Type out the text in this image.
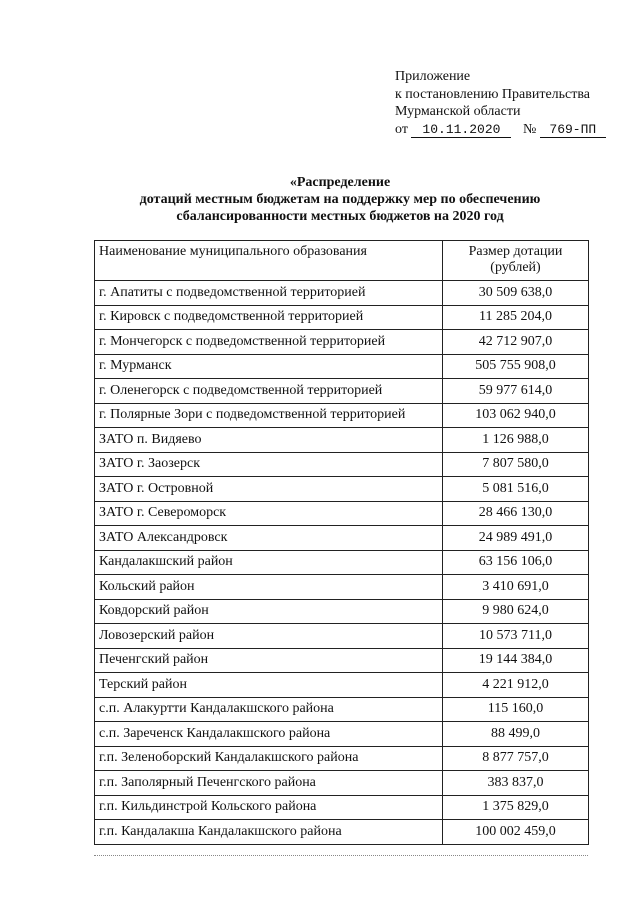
Приложение
к постановлению Правительства
Мурманской области
от 10.11.2020 № 769-ПП
«Распределение
дотаций местным бюджетам на поддержку мер по обеспечению
сбалансированности местных бюджетов на 2020 год
Наименование муниципального образования	Размер дотации
(рублей)

г. Апатиты с подведомственной территорией	30 509 638,0
г. Кировск с подведомственной территорией	11 285 204,0
г. Мончегорск с подведомственной территорией	42 712 907,0
г. Мурманск	505 755 908,0
г. Оленегорск с подведомственной территорией	59 977 614,0
г. Полярные Зори с подведомственной территорией	103 062 940,0
ЗАТО п. Видяево	1 126 988,0
ЗАТО г. Заозерск	7 807 580,0
ЗАТО г. Островной	5 081 516,0
ЗАТО г. Североморск	28 466 130,0
ЗАТО Александровск	24 989 491,0
Кандалакшский район	63 156 106,0
Кольский район	3 410 691,0
Ковдорский район	9 980 624,0
Ловозерский район	10 573 711,0
Печенгский район	19 144 384,0
Терский район	4 221 912,0
с.п. Алакуртти Кандалакшского района	115 160,0
с.п. Зареченск Кандалакшского района	88 499,0
г.п. Зеленоборский Кандалакшского района	8 877 757,0
г.п. Заполярный Печенгского района	383 837,0
г.п. Кильдинстрой Кольского района	1 375 829,0
г.п. Кандалакша Кандалакшского района	100 002 459,0
